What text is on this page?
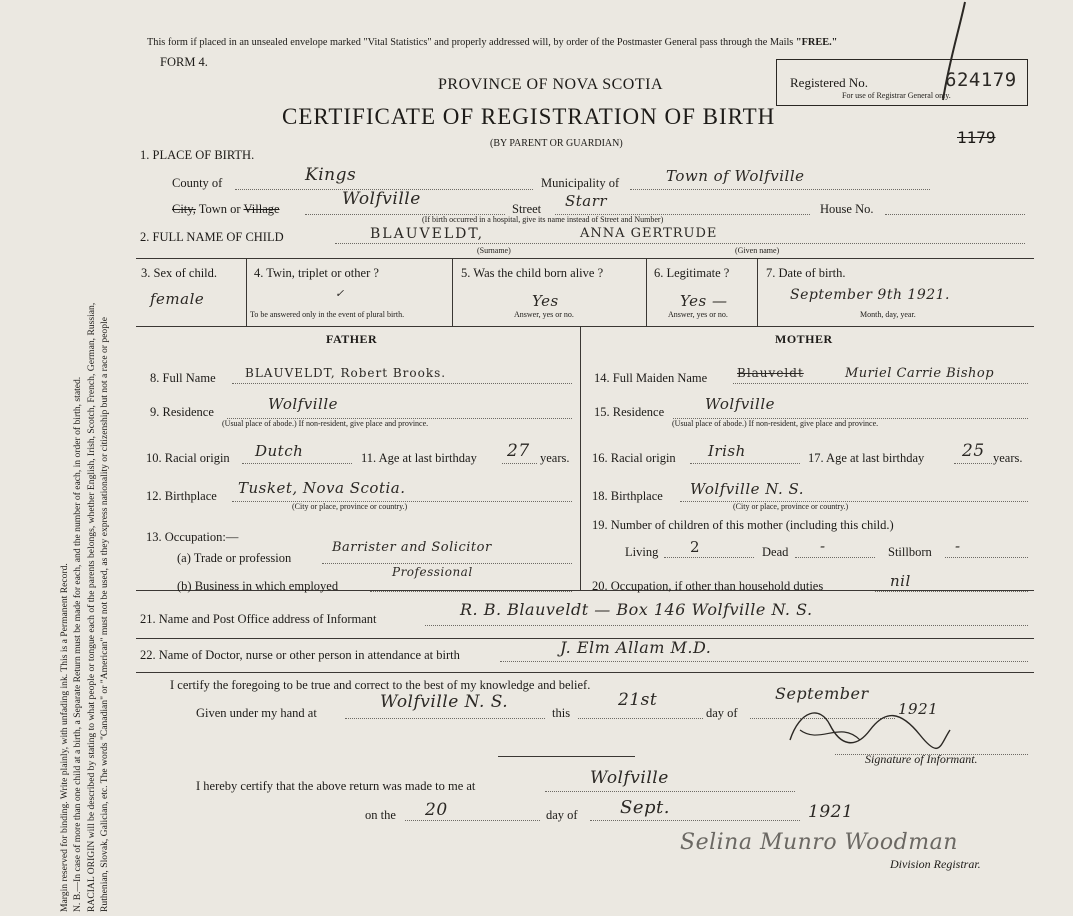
Margin reserved for binding. Write plainly, with unfading ink. This is a Permanent Record. N. B.—In case of more than one child at a birth, a Separate Return must be made for each, and the number of each, in order of birth, stated. RACIAL ORIGIN will be described by stating to what people or tongue each of the parents belongs, whether English, Irish, Scotch, French, German, Russian, Ruthenian, Slovak, Galician, etc. The words "Canadian" or "American" must not be used, as they express nationality or citizenship but not a race or people
This form if placed in an unsealed envelope marked "Vital Statistics" and properly addressed will, by order of the Postmaster General pass through the Mails "FREE."
FORM 4.
PROVINCE OF NOVA SCOTIA
CERTIFICATE OF REGISTRATION OF BIRTH
(BY PARENT OR GUARDIAN)
Registered No.	624179
For use of Registrar General only.
1179
1. PLACE OF BIRTH.
County of	Kings	Municipality of	Town of Wolfville
City, Town or Village	Wolfville	Street Starr	House No.
(If birth occurred in a hospital, give its name instead of Street and Number)
2. FULL NAME OF CHILD	BLAUVELDT,	ANNA GERTRUDE
(Surname)	(Given name)
3. Sex of child.
female
4. Twin, triplet or other ?
✓
To be answered only in the event of plural birth.
5. Was the child born alive ?
Yes
Answer, yes or no.
6. Legitimate ?
Yes —
Answer, yes or no.
7. Date of birth.
September 9th 1921.
Month, day, year.
FATHER	MOTHER
8. Full Name BLAUVELDT, Robert Brooks.
9. Residence	Wolfville
(Usual place of abode.) If non-resident, give place and province.
10. Racial origin Dutch	11. Age at last birthday 27 years.
12. Birthplace Tusket, Nova Scotia.
(City or place, province or country.)
13. Occupation:—
(a) Trade or profession
Barrister and Solicitor
(b) Business in which employed
Professional
14. Full Maiden Name Blauveldt	Muriel Carrie Bishop
15. Residence	Wolfville
(Usual place of abode.) If non-resident, give place and province.
16. Racial origin Irish	17. Age at last birthday 25 years.
18. Birthplace Wolfville N. S.
(City or place, province or country.)
19. Number of children of this mother (including this child.)
Living 2	Dead -	Stillborn -
20. Occupation, if other than household duties	nil
21. Name and Post Office address of Informant	R. B. Blauveldt — Box 146 Wolfville N. S.
22. Name of Doctor, nurse or other person in attendance at birth	J. Elm Allam M.D.
I certify the foregoing to be true and correct to the best of my knowledge and belief.
Given under my hand at
Wolfville N. S.
this
21st
day of
September
1921
Signature of Informant.
I hereby certify that the above return was made to me at	Wolfville
on the 20	day of Sept.	1921
Selina Munro Woodman
Division Registrar.
